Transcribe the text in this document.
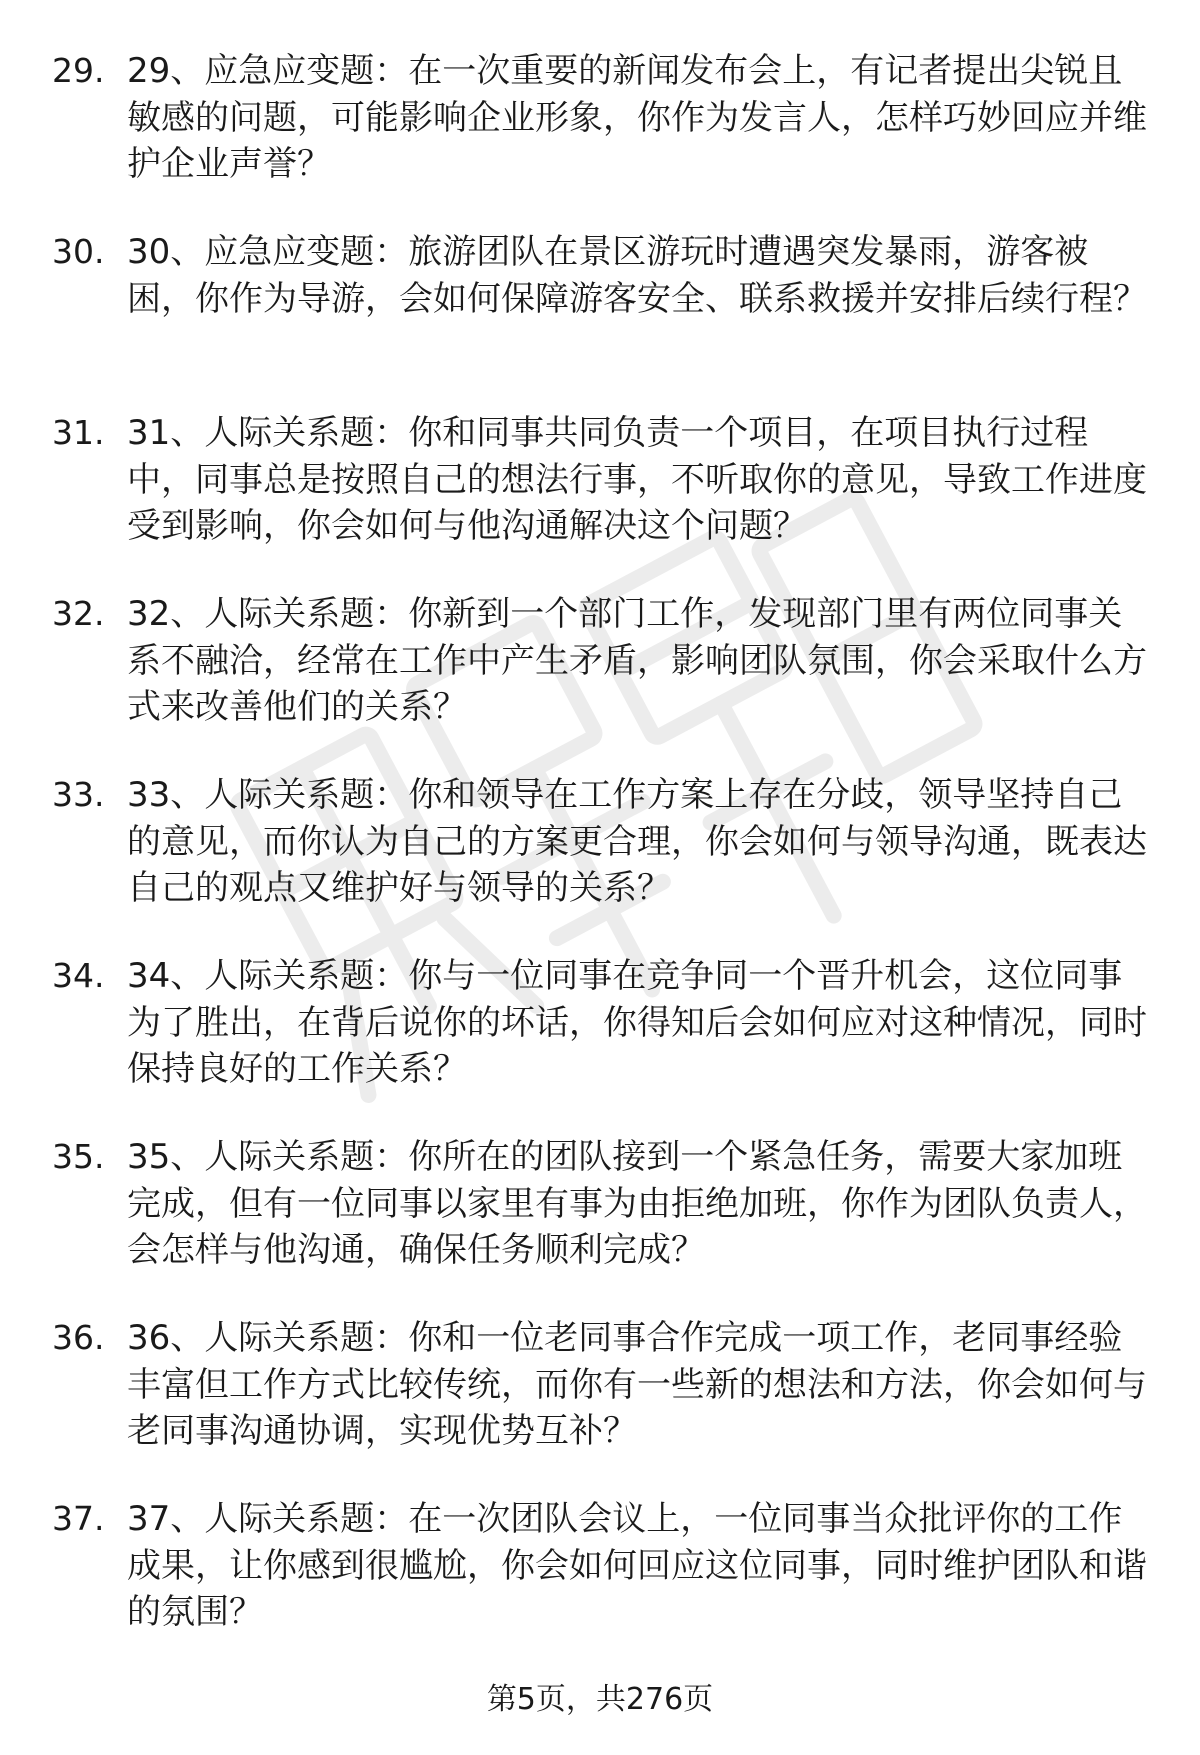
29. 29、应急应变题：在一次重要的新闻发布会上，有记者提出尖锐且敏感的问题，可能影响企业形象，你作为发言人，怎样巧妙回应并维护企业声誉？
30. 30、应急应变题：旅游团队在景区游玩时遭遇突发暴雨，游客被困，你作为导游，会如何保障游客安全、联系救援并安排后续行程？
31. 31、人际关系题：你和同事共同负责一个项目，在项目执行过程中，同事总是按照自己的想法行事，不听取你的意见，导致工作进度受到影响，你会如何与他沟通解决这个问题？
32. 32、人际关系题：你新到一个部门工作，发现部门里有两位同事关系不融洽，经常在工作中产生矛盾，影响团队氛围，你会采取什么方式来改善他们的关系？
33. 33、人际关系题：你和领导在工作方案上存在分歧，领导坚持自己的意见，而你认为自己的方案更合理，你会如何与领导沟通，既表达自己的观点又维护好与领导的关系？
34. 34、人际关系题：你与一位同事在竞争同一个晋升机会，这位同事为了胜出，在背后说你的坏话，你得知后会如何应对这种情况，同时保持良好的工作关系？
35. 35、人际关系题：你所在的团队接到一个紧急任务，需要大家加班完成，但有一位同事以家里有事为由拒绝加班，你作为团队负责人，会怎样与他沟通，确保任务顺利完成？
36. 36、人际关系题：你和一位老同事合作完成一项工作，老同事经验丰富但工作方式比较传统，而你有一些新的想法和方法，你会如何与老同事沟通协调，实现优势互补？
37. 37、人际关系题：在一次团队会议上，一位同事当众批评你的工作成果，让你感到很尴尬，你会如何回应这位同事，同时维护团队和谐的氛围？
第5页，共276页
